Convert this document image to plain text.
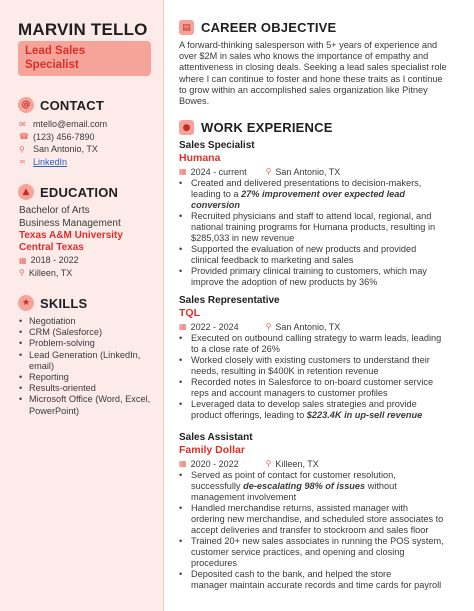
MARVIN TELLO
Lead Sales
Specialist
@ CONTACT
✉ mtello@email.com
☎ (123) 456-7890
⚲ San Antonio, TX
∞ LinkedIn
▲ EDUCATION
Bachelor of Arts
Business Management
Texas A&M University
Central Texas
▦ 2018 - 2022
⚲ Killeen, TX
★ SKILLS
• Negotiation
• CRM (Salesforce)
• Problem-solving
• Lead Generation (LinkedIn,
email)
• Reporting
• Results-oriented
• Microsoft Office (Word, Excel,
PowerPoint)
▤ CAREER OBJECTIVE
A forward-thinking salesperson with 5+ years of experience and
over $2M in sales who knows the importance of empathy and
attentiveness in closing deals. Seeking a lead sales specialist role
where I can continue to foster and hone these traits as I continue
to grow within an accomplished sales organization like Pitney
Bowes.
● WORK EXPERIENCE
Sales Specialist
Humana
▦ 2024 - current	⚲ San Antonio, TX
• Created and delivered presentations to decision-makers,
leading to a 27% improvement over expected lead
conversion
• Recruited physicians and staff to attend local, regional, and
national training programs for Humana products, resulting in
$285,033 in new revenue
• Supported the evaluation of new products and provided
clinical feedback to marketing and sales
• Provided primary clinical training to customers, which may
improve the adoption of new products by 36%
Sales Representative
TQL
▦ 2022 - 2024	⚲ San Antonio, TX
• Executed on outbound calling strategy to warm leads, leading
to a close rate of 26%
• Worked closely with existing customers to understand their
needs, resulting in $400K in retention revenue
• Recorded notes in Salesforce to on-board customer service
reps and account managers to customer profiles
• Leveraged data to develop sales strategies and provide
product offerings, leading to $223.4K in up-sell revenue
Sales Assistant
Family Dollar
▦ 2020 - 2022	⚲ Killeen, TX
• Served as point of contact for customer resolution,
successfully de-escalating 98% of issues without
management involvement
• Handled merchandise returns, assisted manager with
ordering new merchandise, and scheduled store associates to
accept deliveries and transfer to stockroom and sales floor
• Trained 20+ new sales associates in running the POS system,
customer service practices, and opening and closing
procedures
• Deposited cash to the bank, and helped the store
manager maintain accurate records and time cards for payroll
